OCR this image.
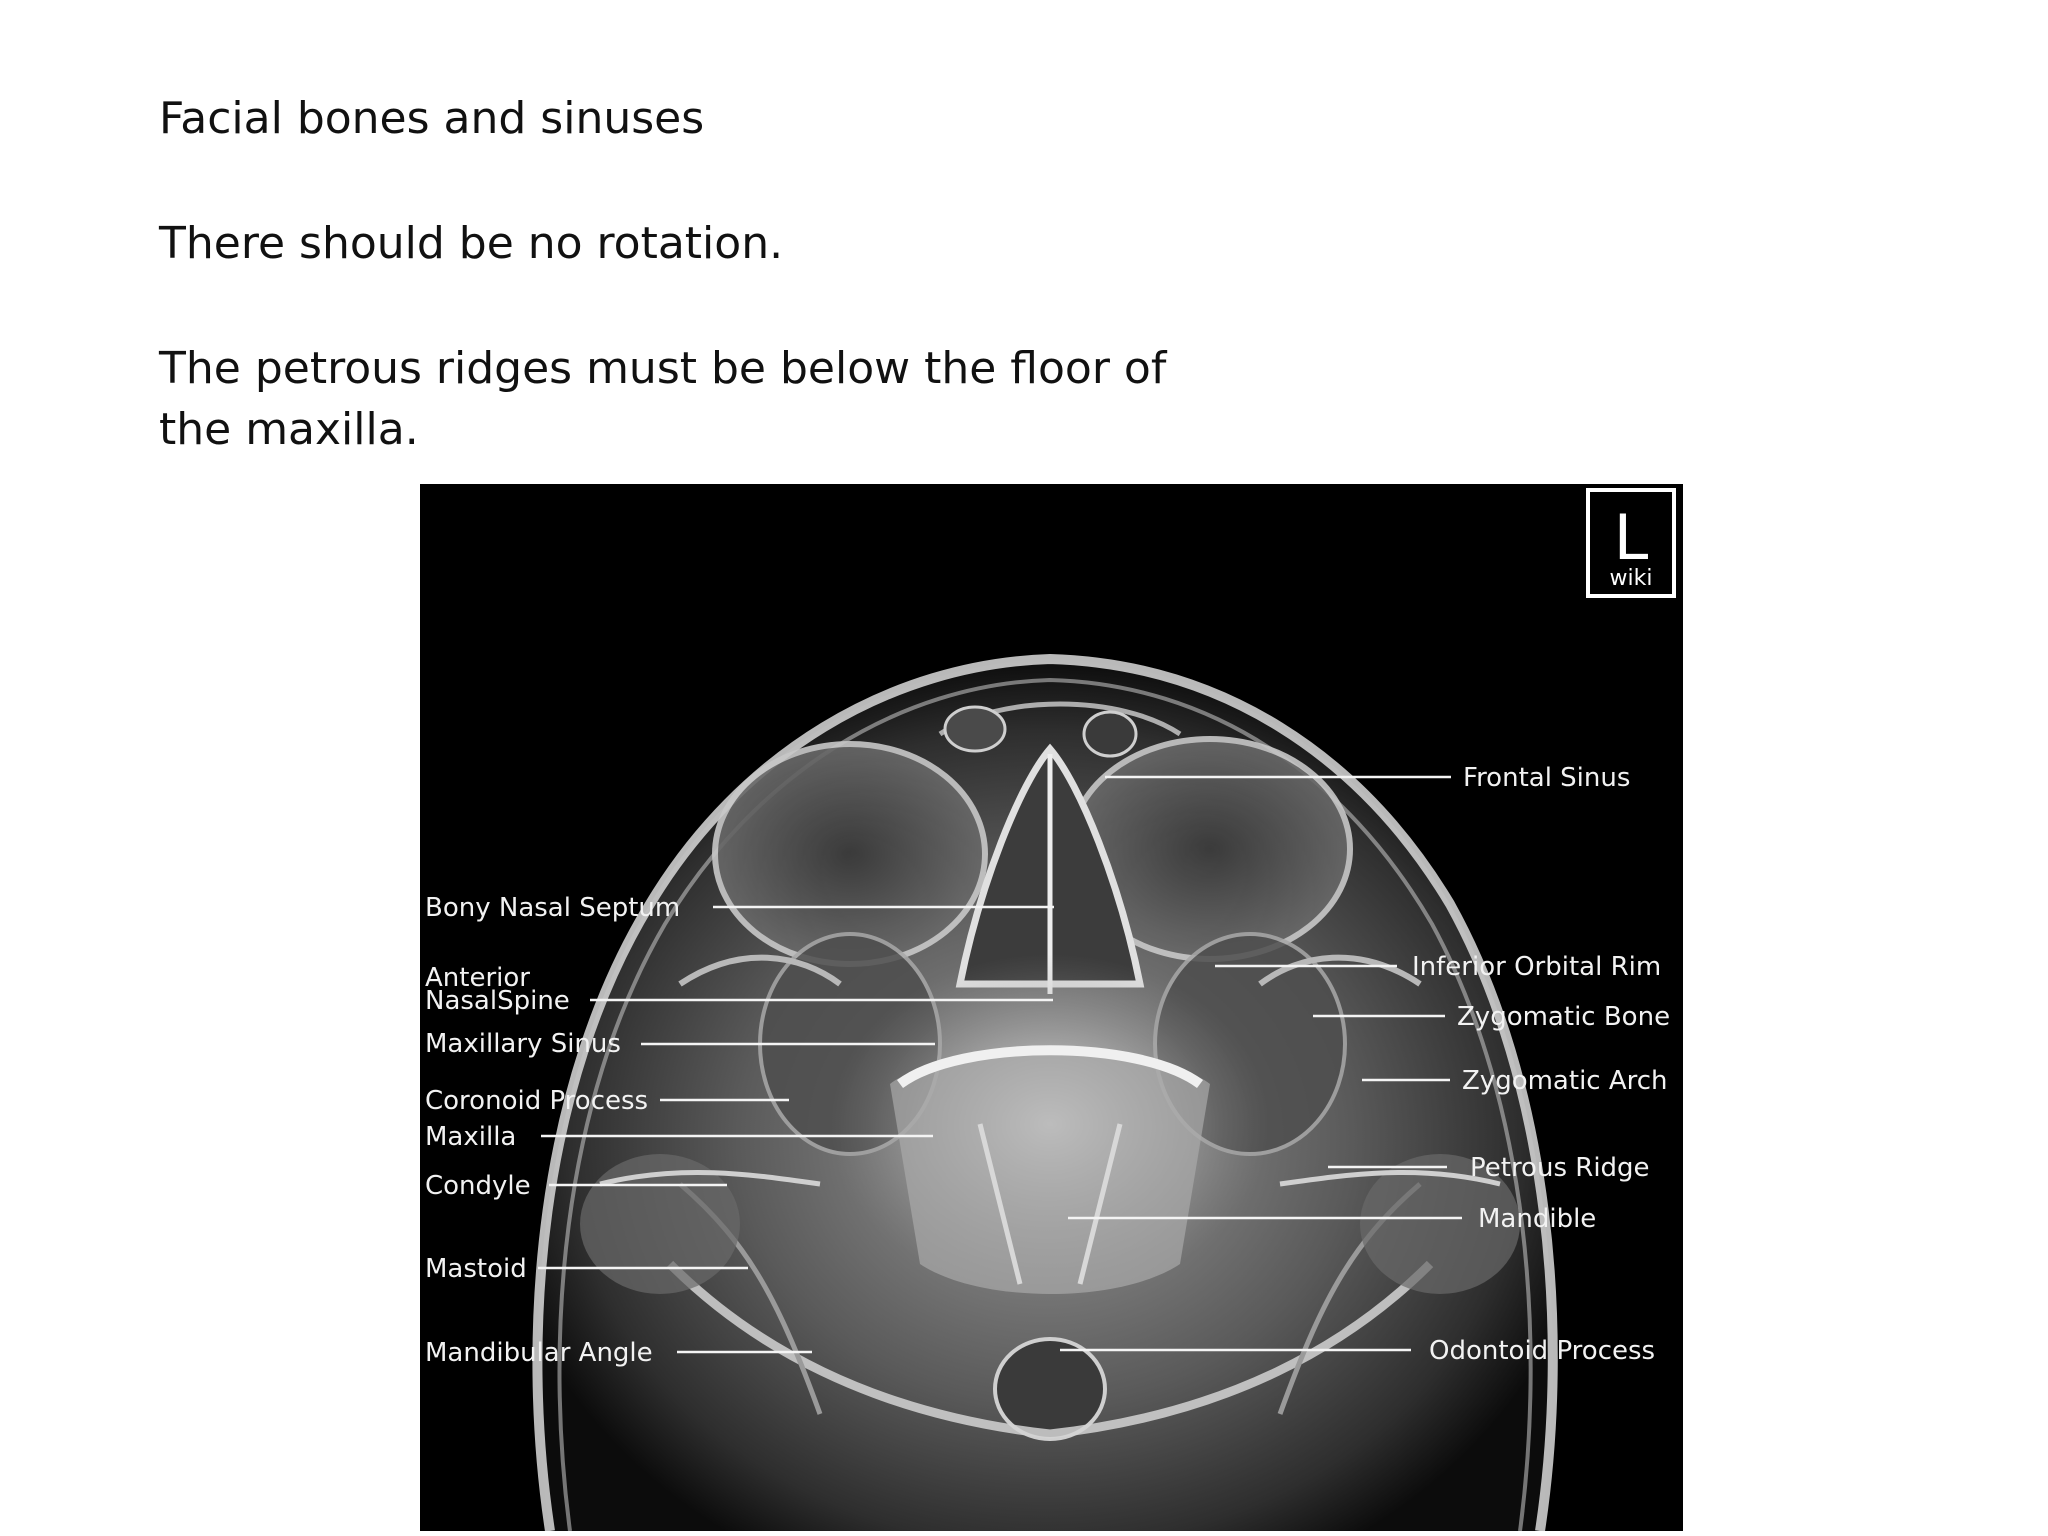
Facial bones and sinuses

There should be no rotation.

The petrous ridges must be below the floor of

the maxilla.

L
wiki
Bony Nasal Septum
Anterior
NasalSpine
Maxillary Sinus
Coronoid Process
Maxilla
Condyle
Mastoid
Mandibular Angle
Frontal Sinus
Inferior Orbital Rim
Zygomatic Bone
Zygomatic Arch
Petrous Ridge
Mandible
Odontoid Process
